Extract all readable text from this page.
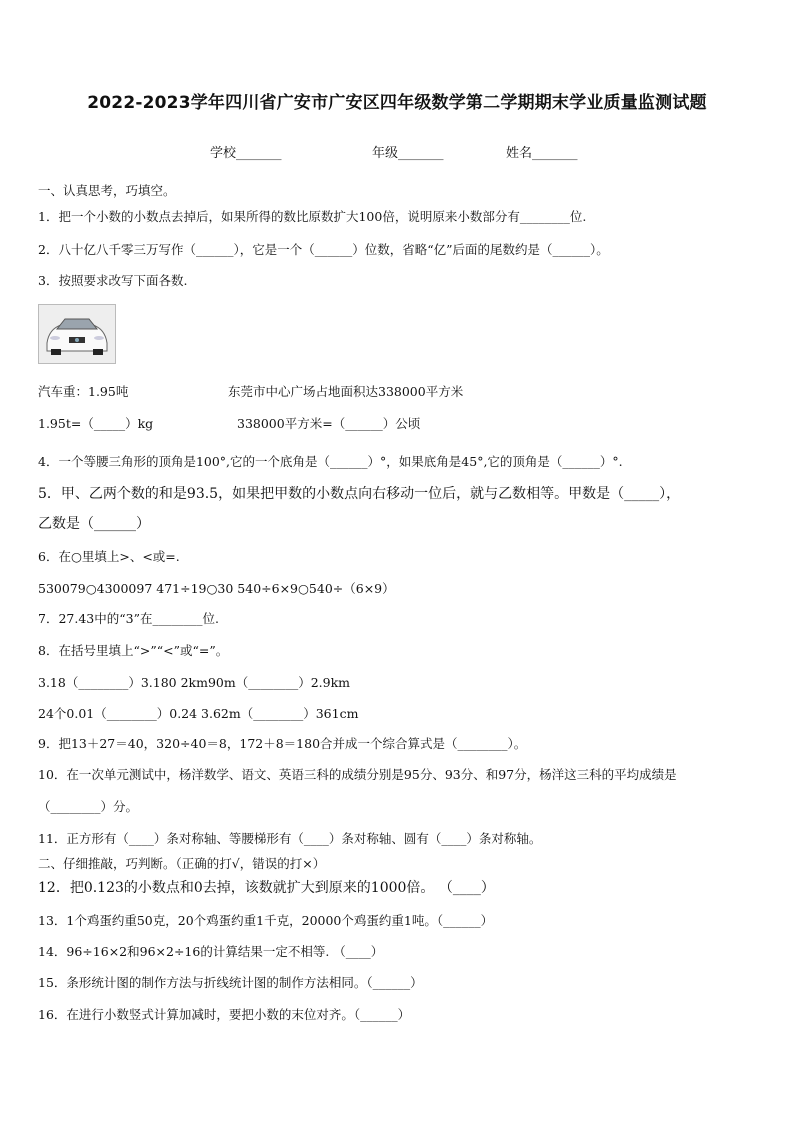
2022-2023学年四川省广安市广安区四年级数学第二学期期末学业质量监测试题
学校_______	年级_______	姓名_______
一、认真思考，巧填空。
1．把一个小数的小数点去掉后，如果所得的数比原数扩大100倍，说明原来小数部分有________位.
2．八十亿八千零三万写作（______），它是一个（______）位数，省略“亿”后面的尾数约是（______）。
3．按照要求改写下面各数.
汽车重：1.95吨	东莞市中心广场占地面积达338000平方米
1.95t=（_____）kg	338000平方米=（______）公顷
4．一个等腰三角形的顶角是100°,它的一个底角是（______）°，如果底角是45°,它的顶角是（______）°.
5．甲、乙两个数的和是93.5，如果把甲数的小数点向右移动一位后，就与乙数相等。甲数是（_____），
乙数是（______）
6．在○里填上>、<或=.
530079○4300097 471÷19○30 540÷6×9○540÷（6×9）
7．27.43中的“3”在________位.
8．在括号里填上“>”“<”或“=”。
3.18（________）3.180 2km90m（________）2.9km
24个0.01（________）0.24 3.62m（________）361cm
9．把13＋27＝40，320÷40＝8，172＋8＝180合并成一个综合算式是（________）。
10．在一次单元测试中，杨洋数学、语文、英语三科的成绩分别是95分、93分、和97分，杨洋这三科的平均成绩是
（________）分。
11．正方形有（____）条对称轴、等腰梯形有（____）条对称轴、圆有（____）条对称轴。
二、仔细推敲，巧判断。（正确的打√，错误的打×）
12．把0.123的小数点和0去掉，该数就扩大到原来的1000倍。 （____）
13．1个鸡蛋约重50克，20个鸡蛋约重1千克，20000个鸡蛋约重1吨。（______）
14．96÷16×2和96×2÷16的计算结果一定不相等. （____）
15．条形统计图的制作方法与折线统计图的制作方法相同。（______）
16．在进行小数竖式计算加减时，要把小数的末位对齐。（______）
